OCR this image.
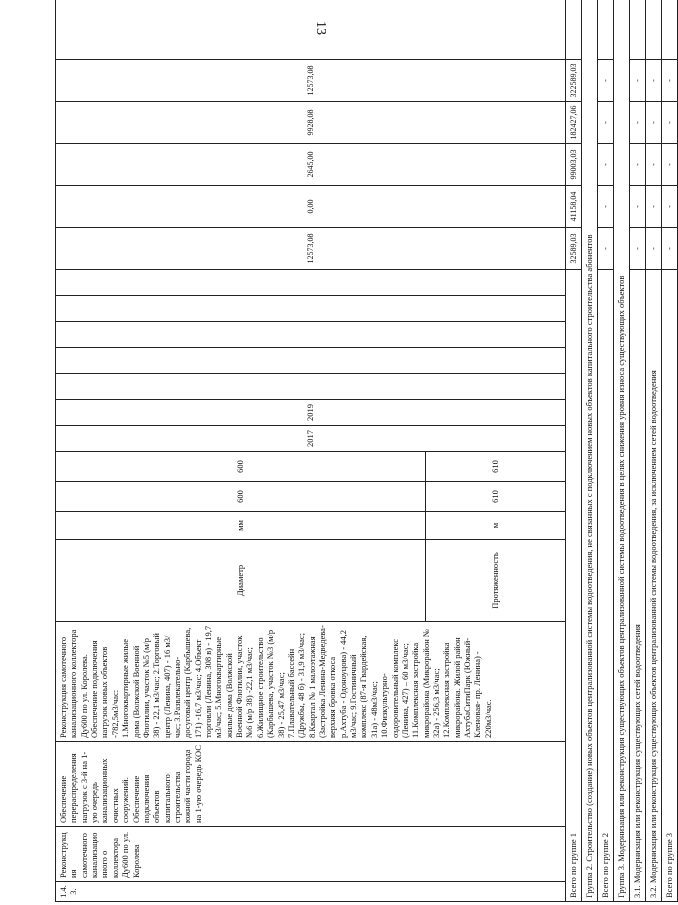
13
1.4.3.	Реконструкция самотечного канализационного о коллектора Ду600 по ул. Королева	Обеспечение перераспределения нагрузок с 3-й на 1-ую очередь канализационных очистных сооружений. Обеспечение подключения объектов капитального строительства южной части города на 1-ую очередь КОС	Реконструкция самотечного канализационного коллектора Ду600 по ул. Королева. Обеспечение подключения нагрузок новых объектов -782,5м3/час: 1.Многоквартирные жилые дома (Волжской Военной Флотилии, участок №5 (м/р 38) - 22,1 м3/час; 2.Торговый центр (Ленина, 407) - 16 м3/час; 3.Развлекательно-досуговый центр (Карбышева, 171) -16,7 м3/час; 4.Объект торговли (Ленина, 308 в) - 19,7 м3/час; 5.Многоквартирные жилые дома (Волжской Военной Флотилии, участок №6 (м/р 38) -22,1 м3/час; 6.Жилищное строительство (Карбышева, участок №3 (м/р 38) - 25,47 м3/час; 7.Плавательный бассейн (Дружбы, 48 б) - 31,9 м3/час; 8.Квартал № 1 малоэтажная (Застройка Ленина-Медведева-верхняя бровка откоса р.Ахтуба - Одоноуцова) - 44,2 м3/час; 9.Гостиничный комплекс (87-я Гвардейская, 31а) - 48м3/час; 10.Физкультурно-оздоровительный комплекс (Ленина, 427) – 60 м3/час; 11.Комплексная застройка микрорайона (Микрорайон № 32а) - 256,3 м3/час; 12.Комплексная застройка микрорайона. Жилой район АхтубаСитиПарк (Южный-Кленовая- пр. Ленина) - 220м3/час.	Диаметр	мм	600	600	2017	2019						12573,08	0,00	2645,00	9928,08	12573,08	
				Протяженность	м	610	610													
Всего по группе 1															32589,03	41158,04	99003,03	182427,06	322589,03	
Группа 2. Строительство (создание) новых объектов централизованной системы водоотведения, не связанных с подключением новых объектов капитального строительства абонентов																				
Всего по группе 2															-	-	-	-	-	
Группа 3. Модернизация или реконструкция существующих объектов централизованной системы водоотведения в целях снижения уровня износа существующих объектов																				
3.1. Модернизация или реконструкция существующих сетей водоотведения															-	-	-	-	-	
3.2. Модернизация или реконструкция существующих объектов централизованной системы водоотведения, за исключением сетей водоотведения															-	-	-	-	-	
Всего по группе 3															-	-	-	-	-	
